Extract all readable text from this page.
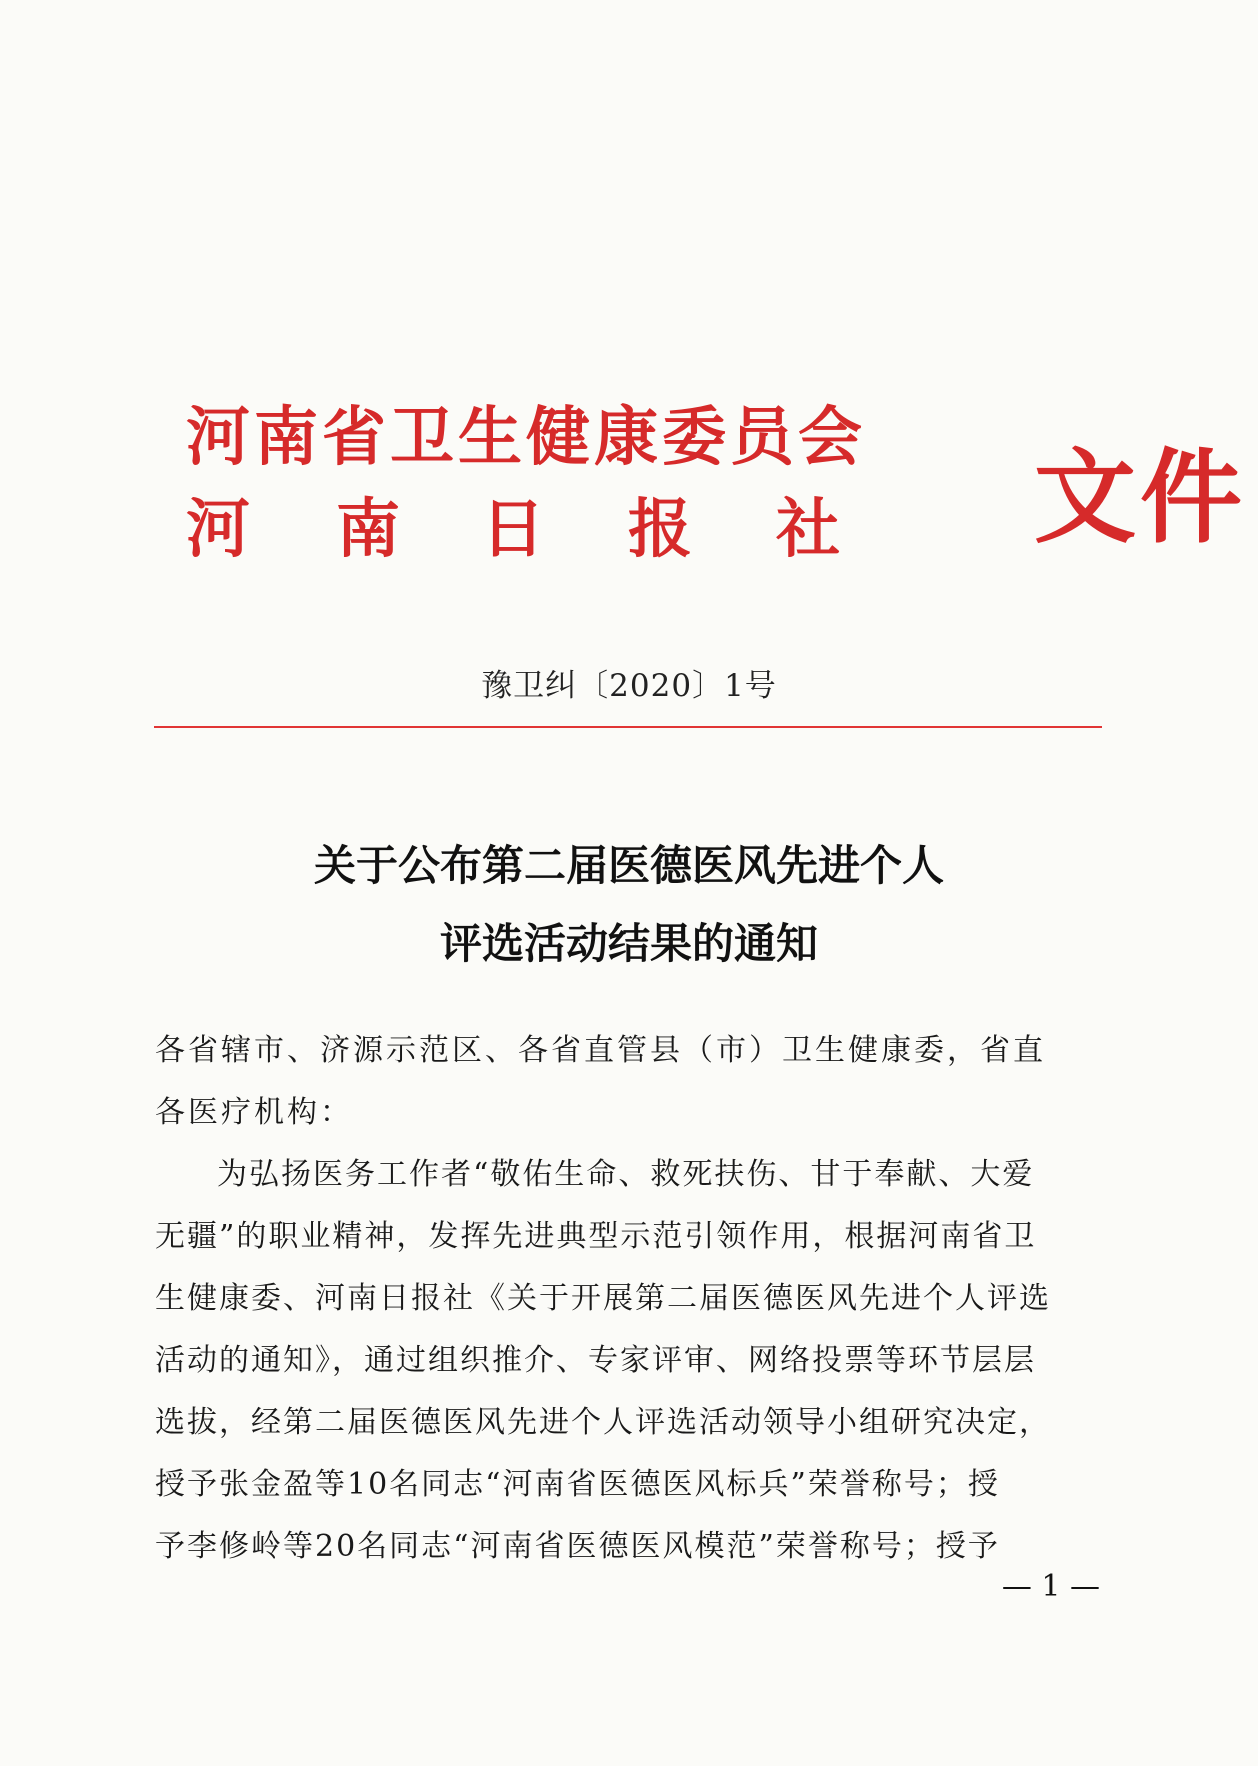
河南省卫生健康委员会
河 南 日 报 社 文件
豫卫纠〔2020〕1号
关于公布第二届医德医风先进个人
评选活动结果的通知
各省辖市、济源示范区、各省直管县（市）卫生健康委，省直
各医疗机构：
为弘扬医务工作者“敬佑生命、救死扶伤、甘于奉献、大爱
无疆”的职业精神，发挥先进典型示范引领作用，根据河南省卫
生健康委、河南日报社《关于开展第二届医德医风先进个人评选
活动的通知》，通过组织推介、专家评审、网络投票等环节层层
选拔，经第二届医德医风先进个人评选活动领导小组研究决定，
授予张金盈等10名同志“河南省医德医风标兵”荣誉称号；授
予李修岭等20名同志“河南省医德医风模范”荣誉称号；授予
— 1 —
